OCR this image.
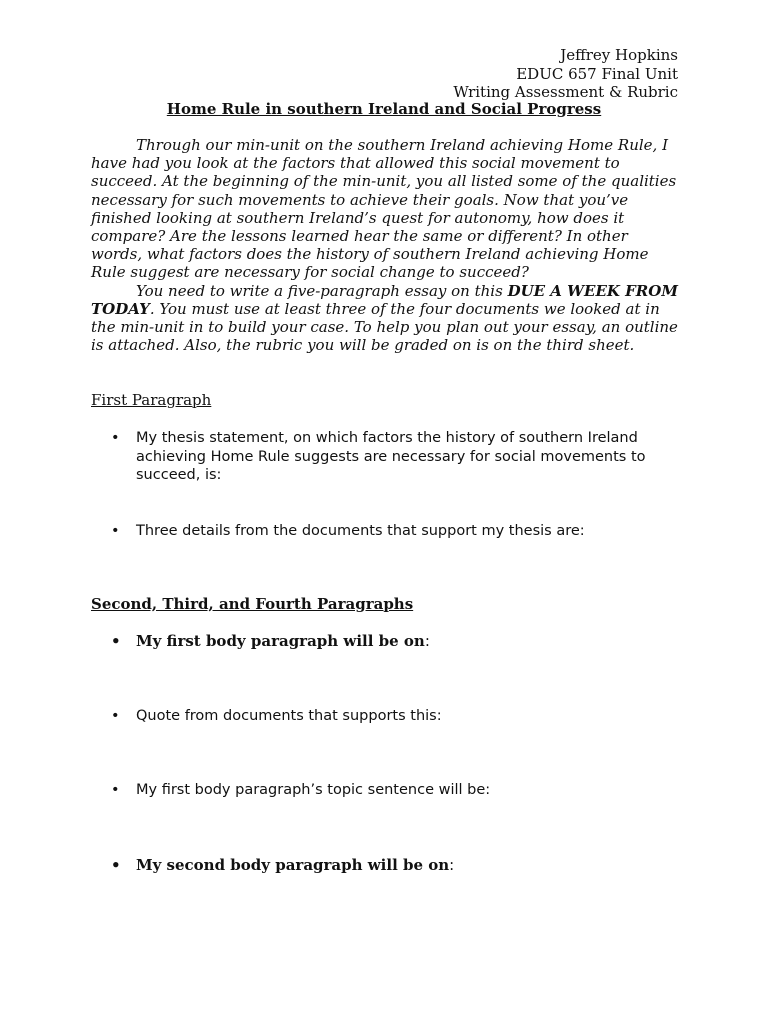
Jeffrey Hopkins
EDUC 657 Final Unit
Writing Assessment & Rubric
Home Rule in southern Ireland and Social Progress

Through our min-unit on the southern Ireland achieving Home Rule, I have had you look at the factors that allowed this social movement to succeed. At the beginning of the min-unit, you all listed some of the qualities necessary for such movements to achieve their goals. Now that you’ve finished looking at southern Ireland’s quest for autonomy, how does it compare? Are the lessons learned hear the same or different? In other words, what factors does the history of southern Ireland achieving Home Rule suggest are necessary for social change to succeed?

You need to write a five-paragraph essay on this DUE A WEEK FROM TODAY. You must use at least three of the four documents we looked at in the min-unit in to build your case. To help you plan out your essay, an outline is attached. Also, the rubric you will be graded on is on the third sheet.

First Paragraph
•	My thesis statement, on which factors the history of southern Ireland achieving Home Rule suggests are necessary for social movements to succeed, is:
•	Three details from the documents that support my thesis are:
Second, Third, and Fourth Paragraphs
•	My first body paragraph will be on:
•	Quote from documents that supports this:
•	My first body paragraph’s topic sentence will be:
•	My second body paragraph will be on:
